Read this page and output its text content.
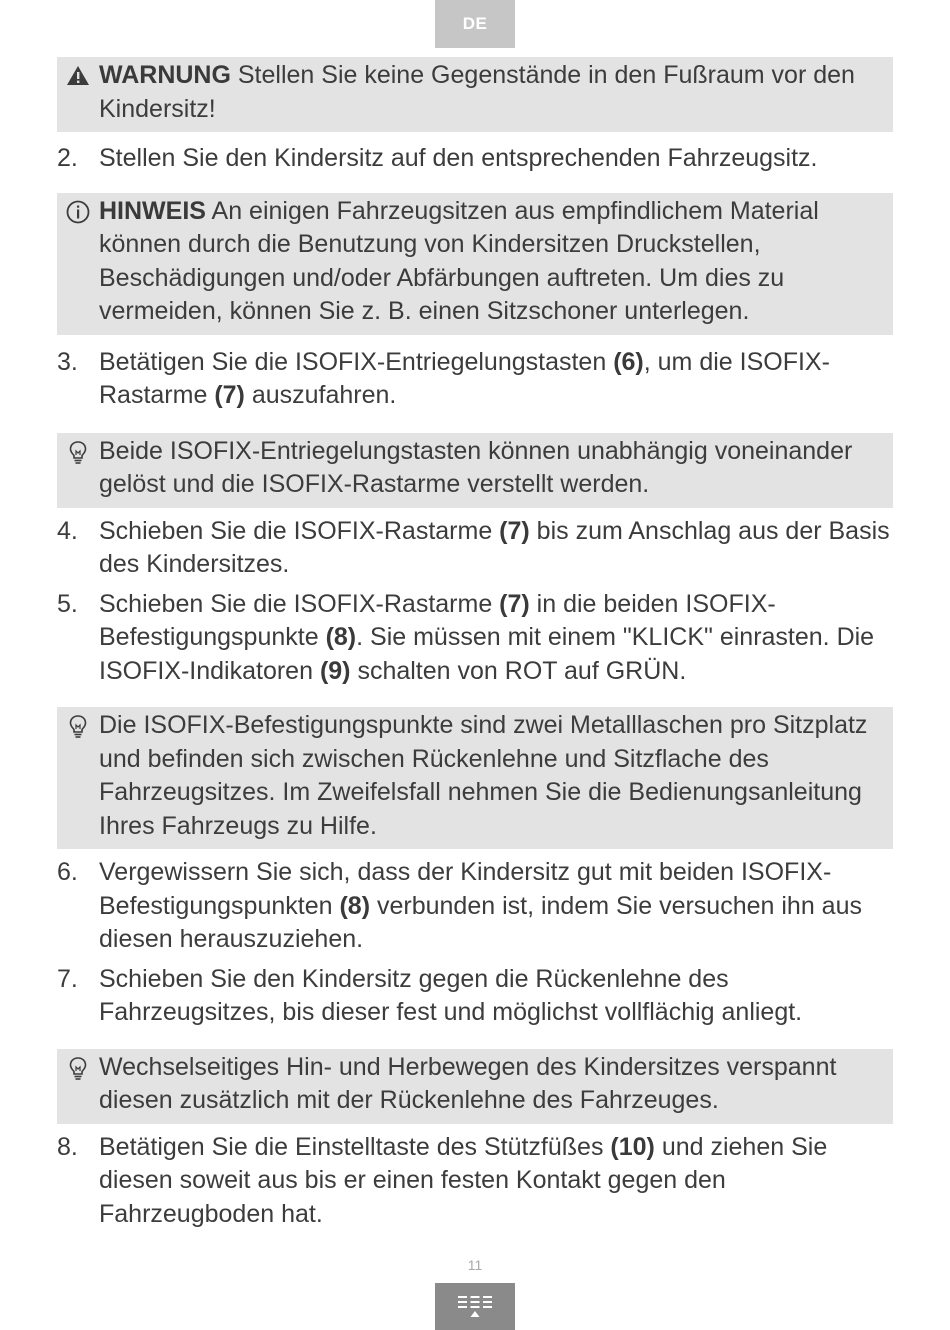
DE
WARNUNG Stellen Sie keine Gegenstände in den Fußraum vor den Kindersitz!
2. Stellen Sie den Kindersitz auf den entsprechenden Fahrzeugsitz.
HINWEIS An einigen Fahrzeugsitzen aus empfindlichem Material können durch die Benutzung von Kindersitzen Druckstellen, Beschädigungen und/oder Abfärbungen auftreten. Um dies zu vermeiden, können Sie z. B. einen Sitzschoner unterlegen.
3. Betätigen Sie die ISOFIX-Entriegelungstasten (6), um die ISOFIX-Rastarme (7) auszufahren.
Beide ISOFIX-Entriegelungstasten können unabhängig voneinander gelöst und die ISOFIX-Rastarme verstellt werden.
4. Schieben Sie die ISOFIX-Rastarme (7) bis zum Anschlag aus der Basis des Kindersitzes.
5. Schieben Sie die ISOFIX-Rastarme (7) in die beiden ISOFIX-Befestigungspunkte (8). Sie müssen mit einem "KLICK" einrasten. Die ISOFIX-Indikatoren (9) schalten von ROT auf GRÜN.
Die ISOFIX-Befestigungspunkte sind zwei Metalllaschen pro Sitzplatz und befinden sich zwischen Rückenlehne und Sitzflache des Fahrzeugsitzes. Im Zweifelsfall nehmen Sie die Bedienungsanleitung Ihres Fahrzeugs zu Hilfe.
6. Vergewissern Sie sich, dass der Kindersitz gut mit beiden ISOFIX-Befestigungspunkten (8) verbunden ist, indem Sie versuchen ihn aus diesen herauszuziehen.
7. Schieben Sie den Kindersitz gegen die Rückenlehne des Fahrzeugsitzes, bis dieser fest und möglichst vollflächig anliegt.
Wechselseitiges Hin- und Herbewegen des Kindersitzes verspannt diesen zusätzlich mit der Rückenlehne des Fahrzeuges.
8. Betätigen Sie die Einstelltaste des Stützfüßes (10) und ziehen Sie diesen soweit aus bis er einen festen Kontakt gegen den Fahrzeugboden hat.
11
